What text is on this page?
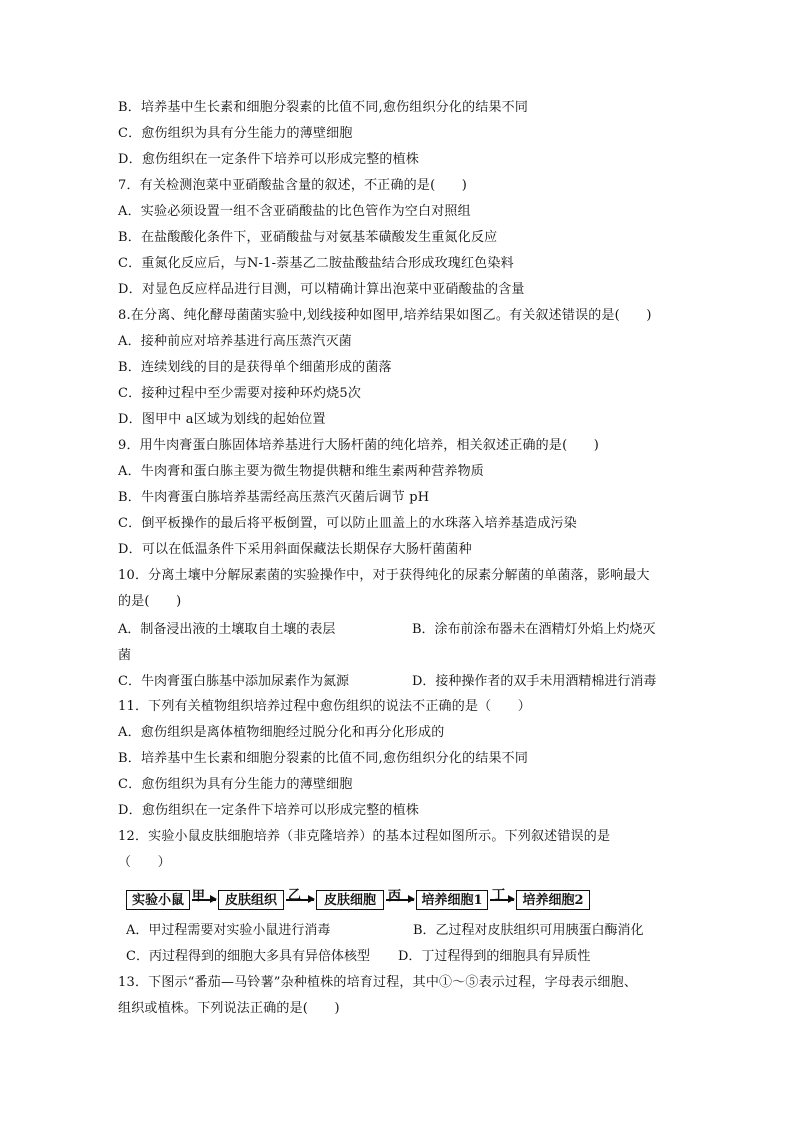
B．培养基中生长素和细胞分裂素的比值不同,愈伤组织分化的结果不同
C．愈伤组织为具有分生能力的薄壁细胞
D．愈伤组织在一定条件下培养可以形成完整的植株
7．有关检测泡菜中亚硝酸盐含量的叙述，不正确的是(　　)
A．实验必须设置一组不含亚硝酸盐的比色管作为空白对照组
B．在盐酸酸化条件下，亚硝酸盐与对氨基苯磺酸发生重氮化反应
C．重氮化反应后，与N-1-萘基乙二胺盐酸盐结合形成玫瑰红色染料
D．对显色反应样品进行目测，可以精确计算出泡菜中亚硝酸盐的含量
8.在分离、纯化酵母菌菌实验中,划线接种如图甲,培养结果如图乙。有关叙述错误的是(　　)
A．接种前应对培养基进行高压蒸汽灭菌
B．连续划线的目的是获得单个细菌形成的菌落
C．接种过程中至少需要对接种环灼烧5次
D．图甲中 a区域为划线的起始位置
9．用牛肉膏蛋白胨固体培养基进行大肠杆菌的纯化培养，相关叙述正确的是(　　)
A．牛肉膏和蛋白胨主要为微生物提供糖和维生素两种营养物质
B．牛肉膏蛋白胨培养基需经高压蒸汽灭菌后调节 pH
C．倒平板操作的最后将平板倒置，可以防止皿盖上的水珠落入培养基造成污染
D．可以在低温条件下采用斜面保藏法长期保存大肠杆菌菌种
10．分离土壤中分解尿素菌的实验操作中，对于获得纯化的尿素分解菌的单菌落，影响最大
的是(　　)
A．制备浸出液的土壤取自土壤的表层	B．涂布前涂布器未在酒精灯外焰上灼烧灭
菌
C．牛肉膏蛋白胨基中添加尿素作为氮源	D．接种操作者的双手未用酒精棉进行消毒
11．下列有关植物组织培养过程中愈伤组织的说法不正确的是（　　）
A．愈伤组织是离体植物细胞经过脱分化和再分化形成的
B．培养基中生长素和细胞分裂素的比值不同,愈伤组织分化的结果不同
C．愈伤组织为具有分生能力的薄壁细胞
D．愈伤组织在一定条件下培养可以形成完整的植株
12．实验小鼠皮肤细胞培养（非克隆培养）的基本过程如图所示。下列叙述错误的是
（　　）
实验小鼠 甲	皮肤组织 乙	皮肤细胞 丙	培养细胞1 丁	培养细胞2
A．甲过程需要对实验小鼠进行消毒	B．乙过程对皮肤组织可用胰蛋白酶消化
C．丙过程得到的细胞大多具有异倍体核型 D．丁过程得到的细胞具有异质性
13．下图示“番茄—马铃薯”杂种植株的培育过程，其中①～⑤表示过程，字母表示细胞、
组织或植株。下列说法正确的是(　　)
